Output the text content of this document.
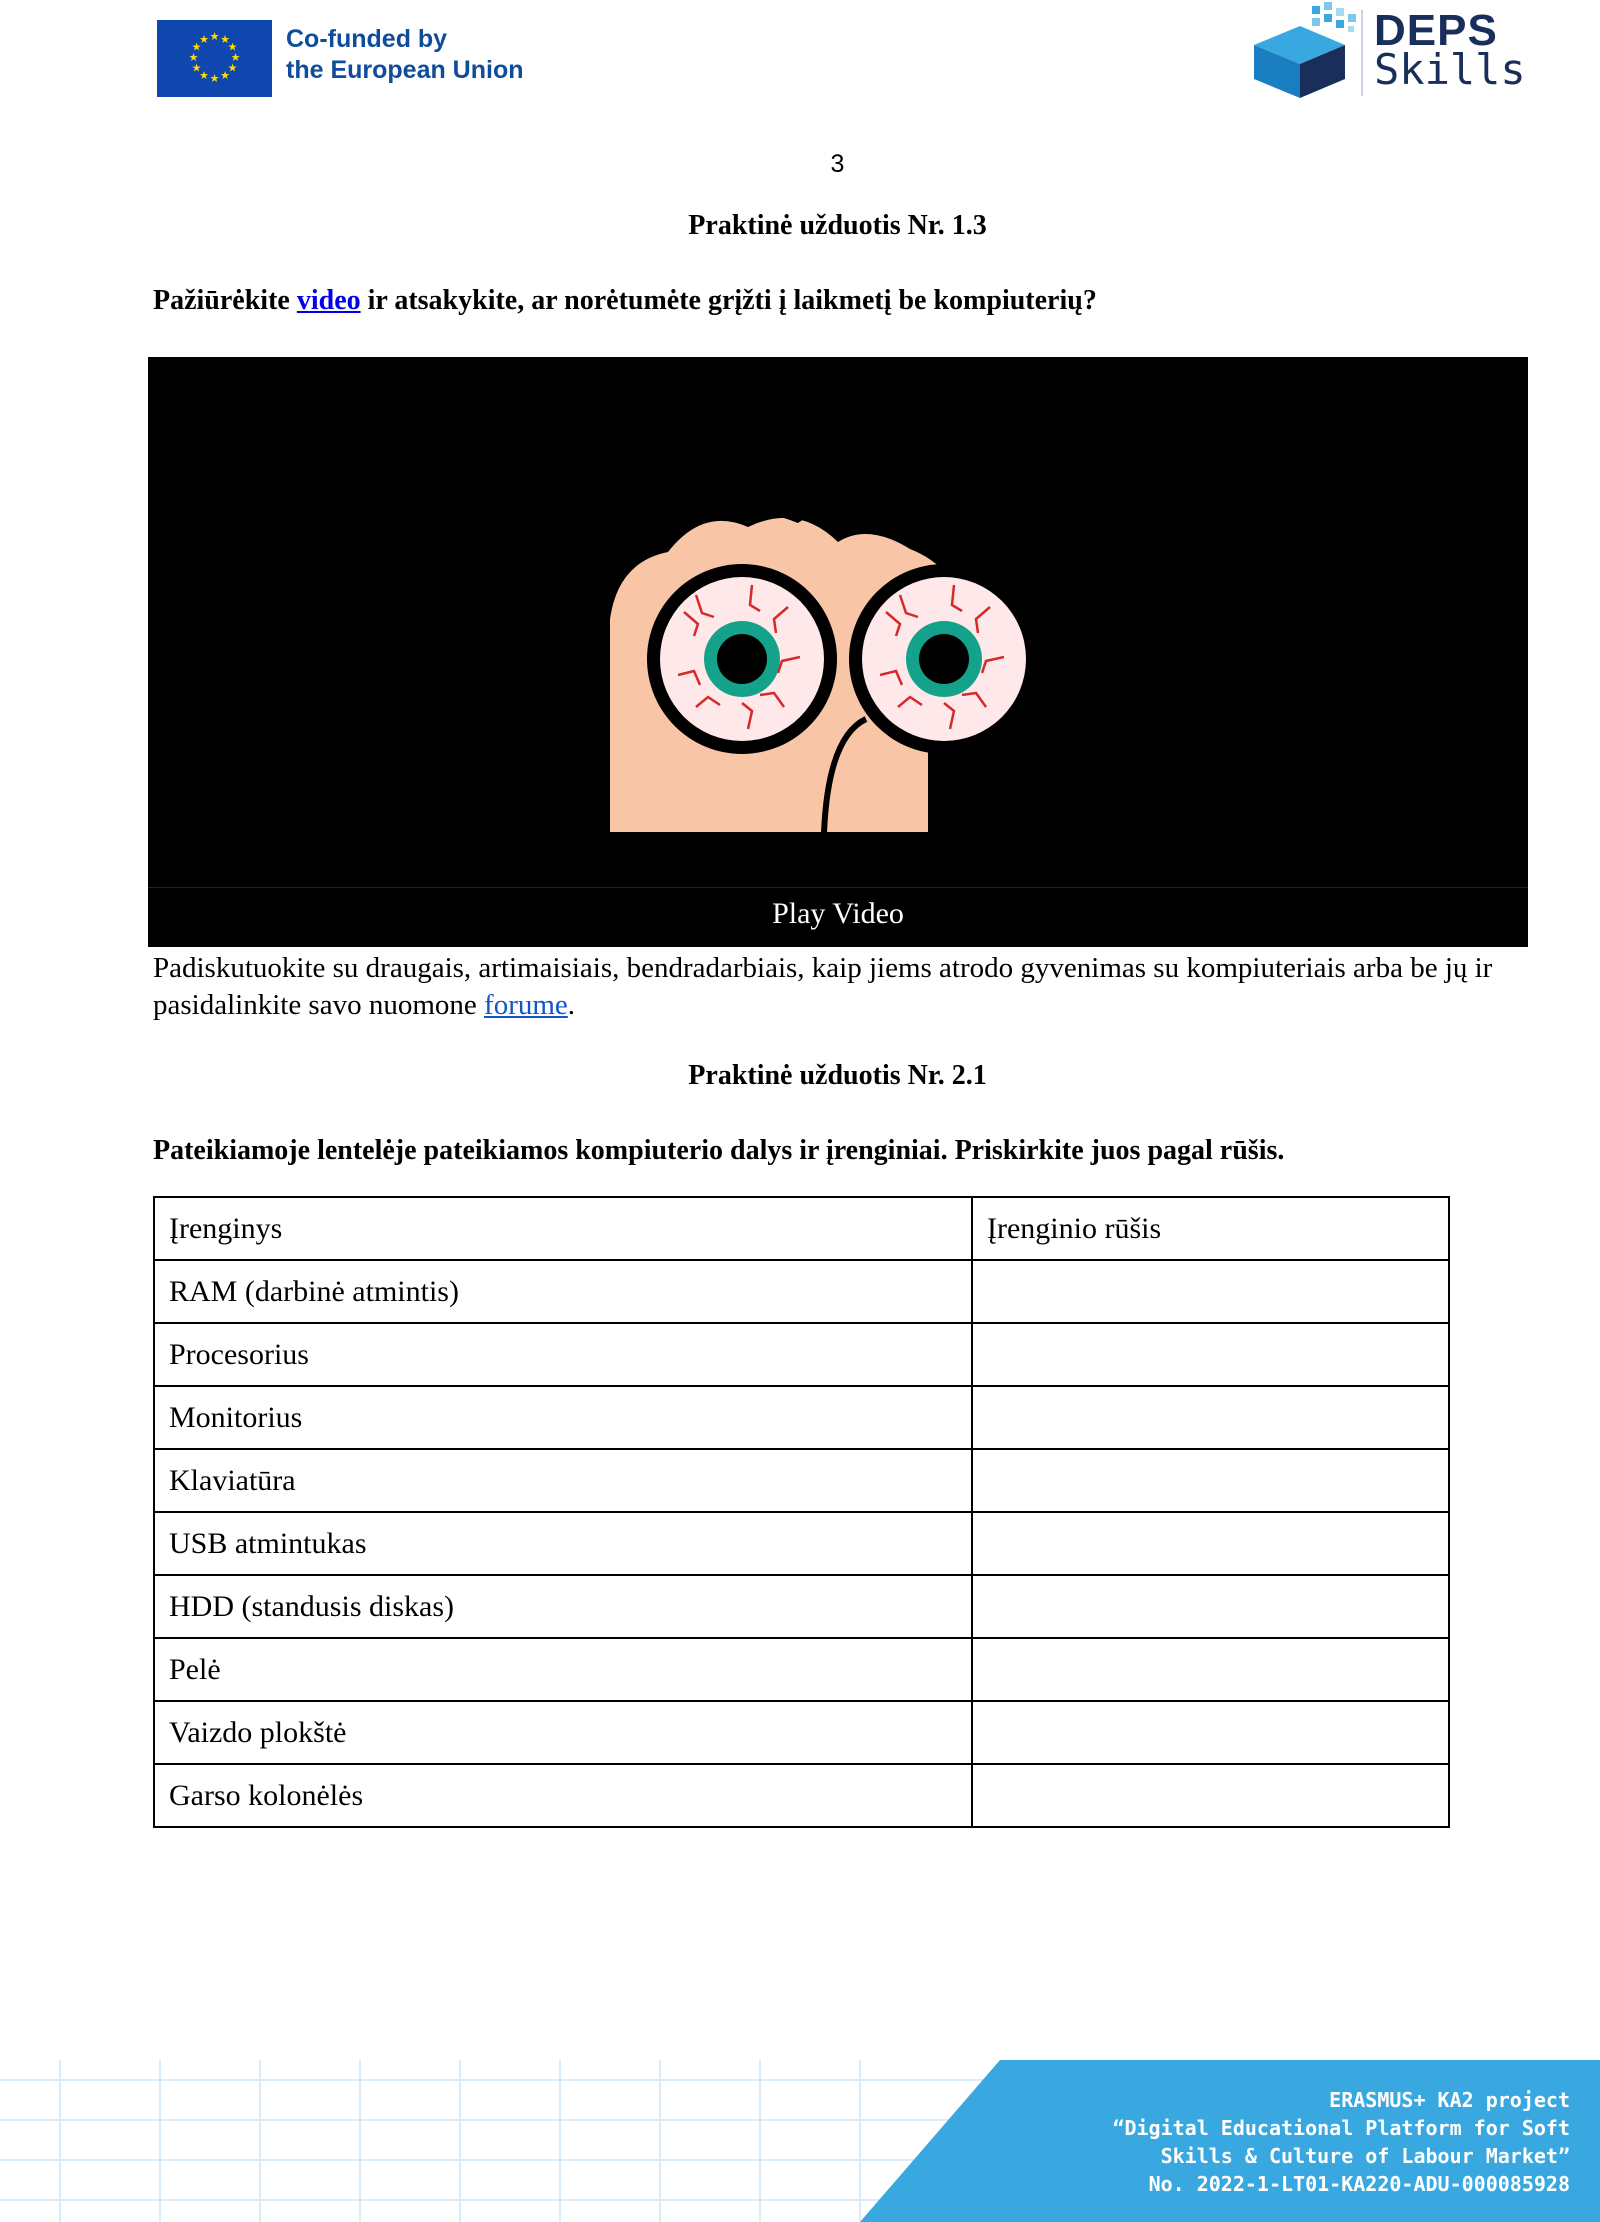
★ ★
★
★
★
★
★
★
★
★
★
★	Co-funded by
the European Union
DEPS
Skills
3
Praktinė užduotis Nr. 1.3
Pažiūrėkite video ir atsakykite, ar norėtumėte grįžti į laikmetį be kompiuterių?
Play Video
Padiskutuokite su draugais, artimaisiais, bendradarbiais, kaip jiems atrodo gyvenimas su kompiuteriais arba be jų ir pasidalinkite savo nuomone forume.
Praktinė užduotis Nr. 2.1
Pateikiamoje lentelėje pateikiamos kompiuterio dalys ir įrenginiai. Priskirkite juos pagal rūšis.
Įrenginys	Įrenginio rūšis
RAM (darbinė atmintis)	
Procesorius	
Monitorius	
Klaviatūra	
USB atmintukas	
HDD (standusis diskas)	
Pelė	
Vaizdo plokštė	
Garso kolonėlės	
ERASMUS+ KA2 project
“Digital Educational Platform for Soft
Skills & Culture of Labour Market”
No. 2022-1-LT01-KA220-ADU-000085928
